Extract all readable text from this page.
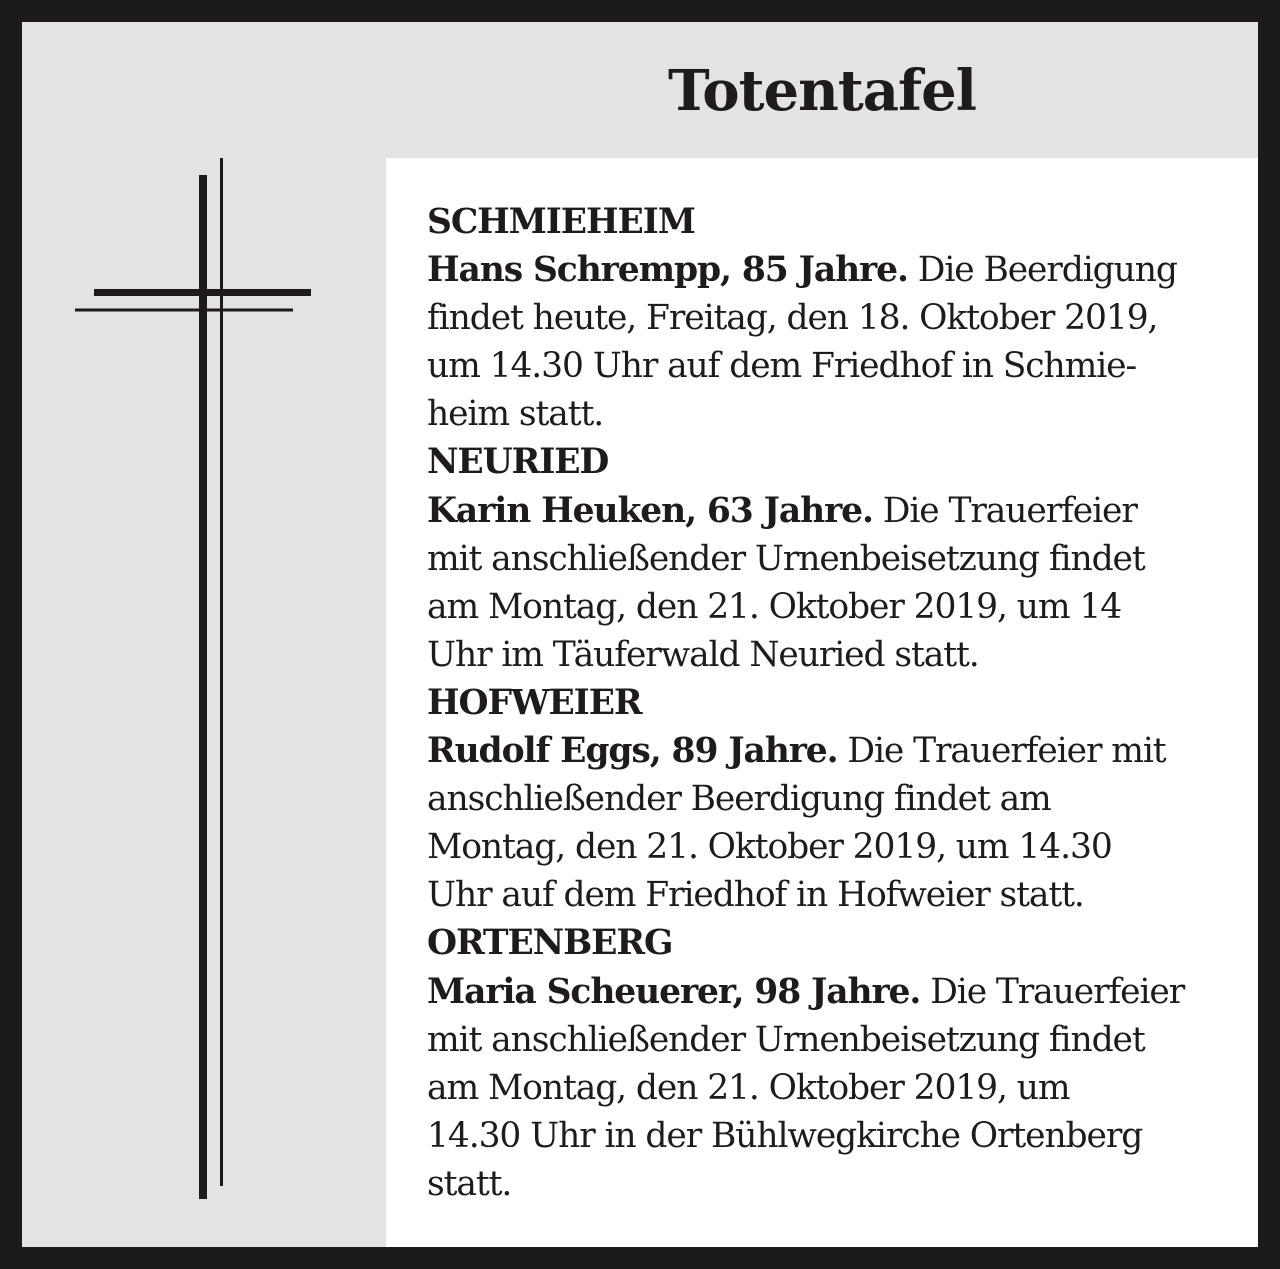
Totentafel
SCHMIEHEIM
Hans Schrempp, 85 Jahre. Die Beerdigung
findet heute, Freitag, den 18. Oktober 2019,
um 14.30 Uhr auf dem Friedhof in Schmie-
heim statt.
NEURIED
Karin Heuken, 63 Jahre. Die Trauerfeier
mit anschließender Urnenbeisetzung findet
am Montag, den 21. Oktober 2019, um 14
Uhr im Täuferwald Neuried statt.
HOFWEIER
Rudolf Eggs, 89 Jahre. Die Trauerfeier mit
anschließender Beerdigung findet am
Montag, den 21. Oktober 2019, um 14.30
Uhr auf dem Friedhof in Hofweier statt.
ORTENBERG
Maria Scheuerer, 98 Jahre. Die Trauerfeier
mit anschließender Urnenbeisetzung findet
am Montag, den 21. Oktober 2019, um
14.30 Uhr in der Bühlwegkirche Ortenberg
statt.
